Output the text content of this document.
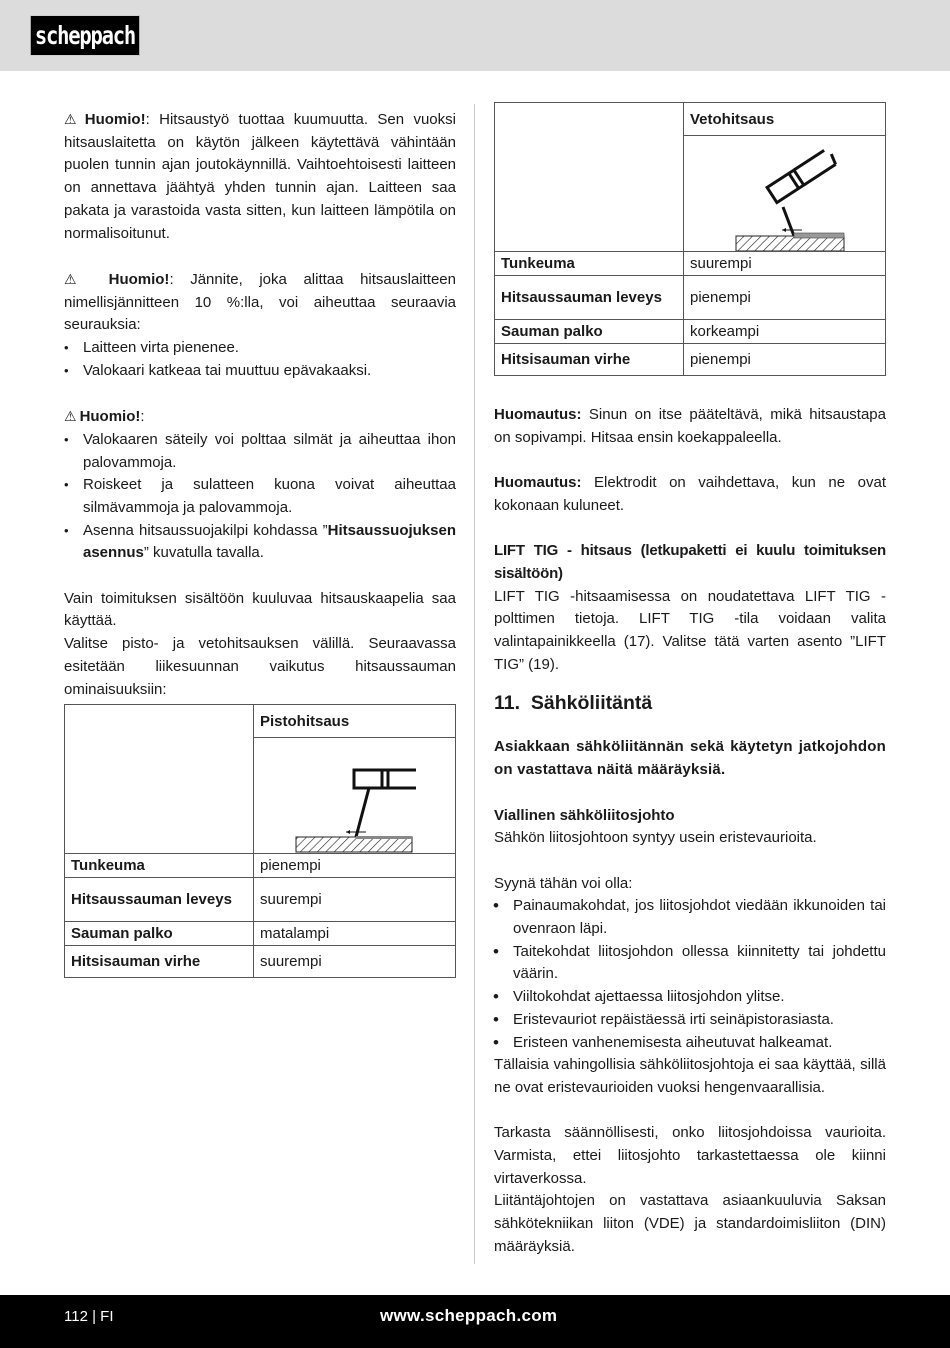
scheppach

⚠ Huomio!: Hitsaustyö tuottaa kuumuutta. Sen vuoksi hitsauslaitetta on käytön jälkeen käytettävä vähintään puolen tunnin ajan joutokäynnillä. Vaihtoehtoisesti laitteen on annettava jäähtyä yhden tunnin ajan. Laitteen saa pakata ja varastoida vasta sitten, kun laitteen lämpötila on normalisoitunut.

⚠ Huomio!: Jännite, joka alittaa hitsauslaitteen nimellisjännitteen 10 %:lla, voi aiheuttaa seuraavia seurauksia:

• Laitteen virta pienenee.
• Valokaari katkeaa tai muuttuu epävakaaksi.

⚠ Huomio!:

• Valokaaren säteily voi polttaa silmät ja aiheuttaa ihon palovammoja.
• Roiskeet ja sulatteen kuona voivat aiheuttaa silmävammoja ja palovammoja.
• Asenna hitsaussuojakilpi kohdassa ”Hitsaussuojuksen asennus” kuvatulla tavalla.

Vain toimituksen sisältöön kuuluvaa hitsauskaapelia saa käyttää.

Valitse pisto- ja vetohitsauksen välillä. Seuraavassa esitetään liikesuunnan vaikutus hitsaussauman ominaisuuksiin:

	Pistohitsaus

Tunkeuma	pienempi
Hitsaussauman leveys	suurempi
Sauman palko	matalampi
Hitsisauman virhe	suurempi
	Vetohitsaus

Tunkeuma	suurempi
Hitsaussauman leveys	pienempi
Sauman palko	korkeampi
Hitsisauman virhe	pienempi

Huomautus: Sinun on itse pääteltävä, mikä hitsaustapa on sopivampi. Hitsaa ensin koekappaleella.

Huomautus: Elektrodit on vaihdettava, kun ne ovat kokonaan kuluneet.

LIFT TIG - hitsaus (letkupaketti ei kuulu toimituksen sisältöön)

LIFT TIG -hitsaamisessa on noudatettava LIFT TIG -polttimen tietoja. LIFT TIG -tila voidaan valita valintapainikkeella (17). Valitse tätä varten asento ”LIFT TIG” (19).

11.  Sähköliitäntä

Asiakkaan sähköliitännän sekä käytetyn jatkojohdon on vastattava näitä määräyksiä.

Viallinen sähköliitosjohto

Sähkön liitosjohtoon syntyy usein eristevaurioita.

Syynä tähän voi olla:

• Painaumakohdat, jos liitosjohdot viedään ikkunoiden tai ovenraon läpi.
• Taitekohdat liitosjohdon ollessa kiinnitetty tai johdettu väärin.
• Viiltokohdat ajettaessa liitosjohdon ylitse.
• Eristevauriot repäistäessä irti seinäpistorasiasta.
• Eristeen vanhenemisesta aiheutuvat halkeamat.

Tällaisia vahingollisia sähköliitosjohtoja ei saa käyttää, sillä ne ovat eristevaurioiden vuoksi hengenvaarallisia.

Tarkasta säännöllisesti, onko liitosjohdoissa vaurioita. Varmista, ettei liitosjohto tarkastettaessa ole kiinni virtaverkossa.

Liitäntäjohtojen on vastattava asiaankuuluvia Saksan sähkötekniikan liiton (VDE) ja standardoimisliiton (DIN) määräyksiä.

112 | FI	www.scheppach.com
